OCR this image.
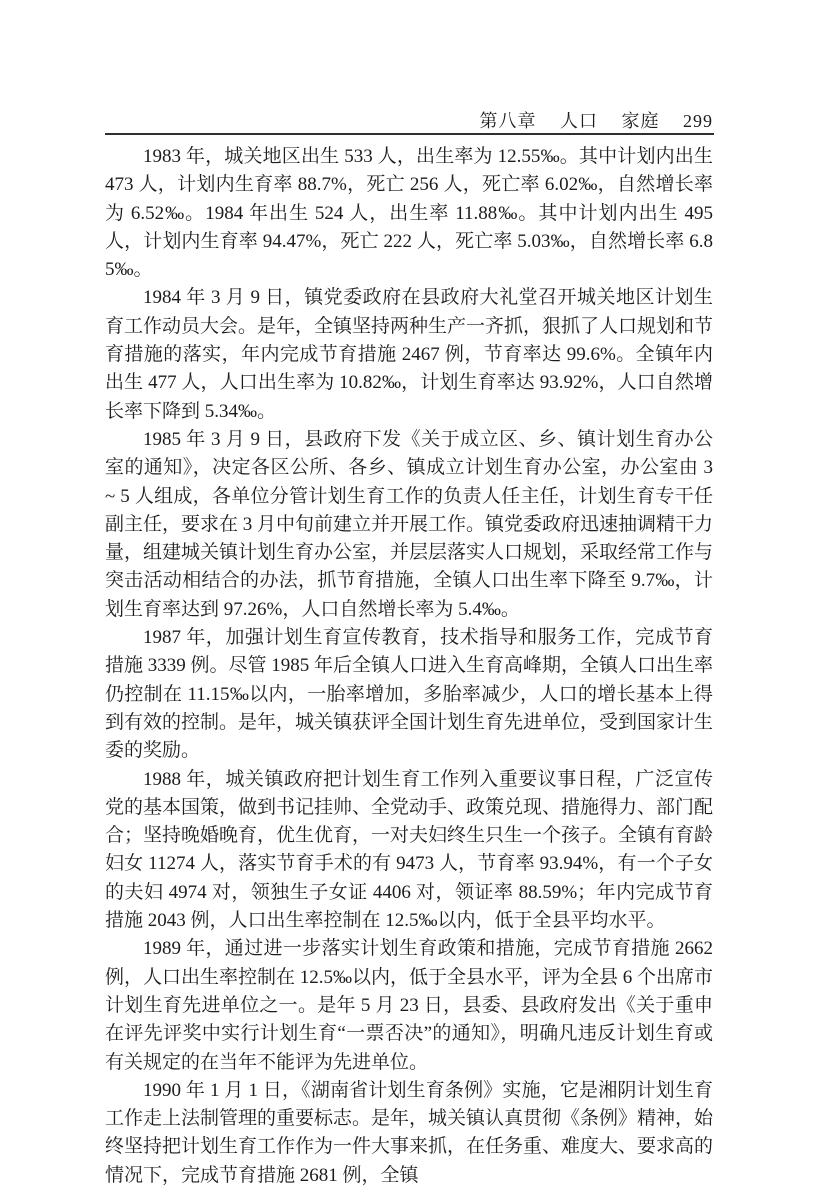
第八章 人口 家庭 299

1983 年，城关地区出生 533 人，出生率为 12.55‰。其中计划内出生 473 人，计划内生育率 88.7%，死亡 256 人，死亡率 6.02‰，自然增长率为 6.52‰。1984 年出生 524 人，出生率 11.88‰。其中计划内出生 495 人，计划内生育率 94.47%，死亡 222 人，死亡率 5.03‰，自然增长率 6.85‰。

1984 年 3 月 9 日，镇党委政府在县政府大礼堂召开城关地区计划生育工作动员大会。是年，全镇坚持两种生产一齐抓，狠抓了人口规划和节育措施的落实，年内完成节育措施 2467 例，节育率达 99.6%。全镇年内出生 477 人，人口出生率为 10.82‰，计划生育率达 93.92%，人口自然增长率下降到 5.34‰。

1985 年 3 月 9 日，县政府下发《关于成立区、乡、镇计划生育办公室的通知》，决定各区公所、各乡、镇成立计划生育办公室，办公室由 3 ~ 5 人组成，各单位分管计划生育工作的负责人任主任，计划生育专干任副主任，要求在 3 月中旬前建立并开展工作。镇党委政府迅速抽调精干力量，组建城关镇计划生育办公室，并层层落实人口规划，采取经常工作与突击活动相结合的办法，抓节育措施，全镇人口出生率下降至 9.7‰，计划生育率达到 97.26%，人口自然增长率为 5.4‰。

1987 年，加强计划生育宣传教育，技术指导和服务工作，完成节育措施 3339 例。尽管 1985 年后全镇人口进入生育高峰期，全镇人口出生率仍控制在 11.15‰以内，一胎率增加，多胎率减少，人口的增长基本上得到有效的控制。是年，城关镇获评全国计划生育先进单位，受到国家计生委的奖励。

1988 年，城关镇政府把计划生育工作列入重要议事日程，广泛宣传党的基本国策，做到书记挂帅、全党动手、政策兑现、措施得力、部门配合；坚持晚婚晚育，优生优育，一对夫妇终生只生一个孩子。全镇有育龄妇女 11274 人，落实节育手术的有 9473 人，节育率 93.94%，有一个子女的夫妇 4974 对，领独生子女证 4406 对，领证率 88.59%；年内完成节育措施 2043 例，人口出生率控制在 12.5‰以内，低于全县平均水平。

1989 年，通过进一步落实计划生育政策和措施，完成节育措施 2662 例，人口出生率控制在 12.5‰以内，低于全县水平，评为全县 6 个出席市计划生育先进单位之一。是年 5 月 23 日，县委、县政府发出《关于重申在评先评奖中实行计划生育“一票否决”的通知》，明确凡违反计划生育或有关规定的在当年不能评为先进单位。

1990 年 1 月 1 日，《湖南省计划生育条例》实施，它是湘阴计划生育工作走上法制管理的重要标志。是年，城关镇认真贯彻《条例》精神，始终坚持把计划生育工作作为一件大事来抓，在任务重、难度大、要求高的情况下，完成节育措施 2681 例，全镇
